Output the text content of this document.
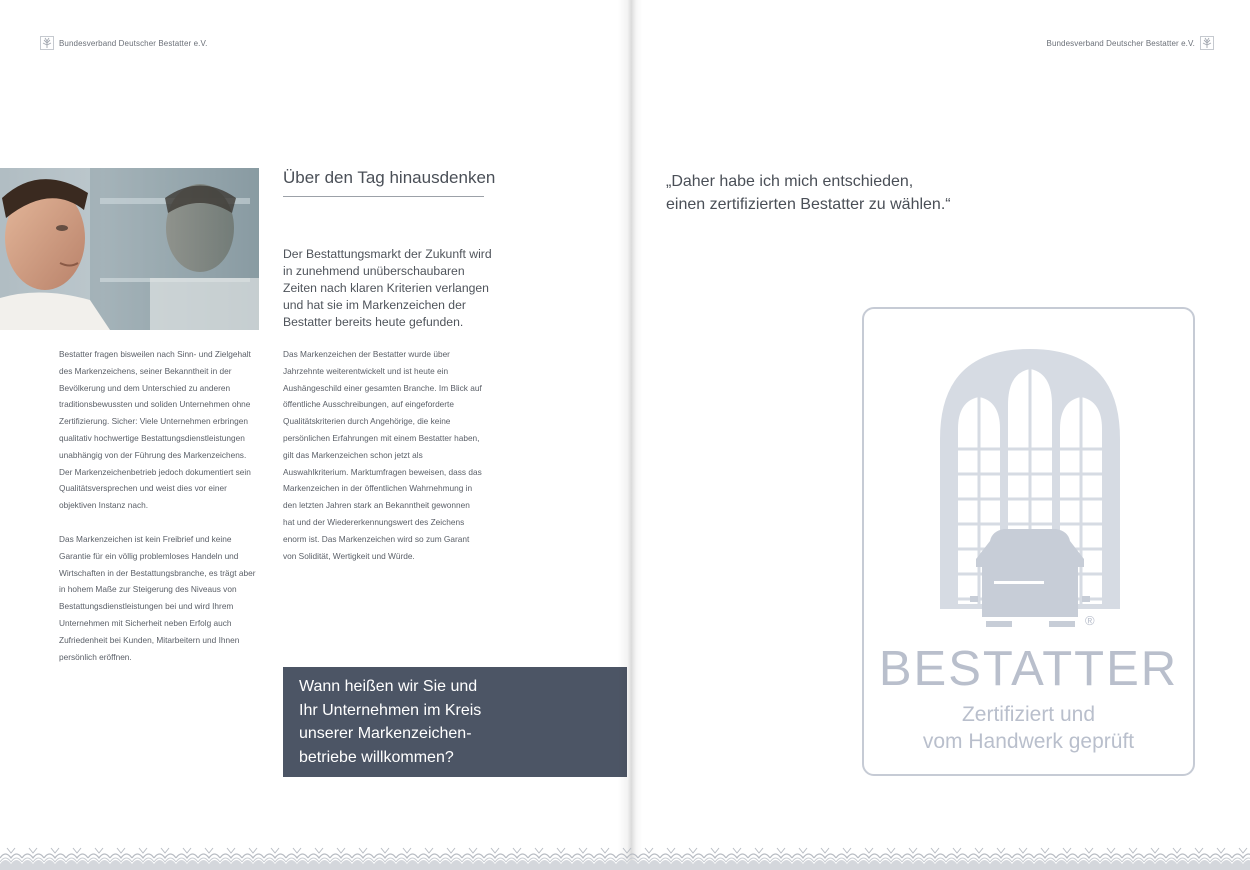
Bundesverband Deutscher Bestatter e.V.
Über den Tag hinausdenken
Der Bestattungsmarkt der Zukunft wird in zunehmend unüberschaubaren Zeiten nach klaren Kriterien verlangen und hat sie im Markenzeichen der Bestatter bereits heute gefunden.

Bestatter fragen bisweilen nach Sinn- und Zielgehalt des Markenzeichens, seiner Bekanntheit in der Bevölkerung und dem Unterschied zu anderen traditionsbewussten und soliden Unternehmen ohne Zertifizierung. Sicher: Viele Unternehmen erbringen qualitativ hochwertige Bestattungsdienstleistungen unabhängig von der Führung des Markenzeichens. Der Markenzeichenbetrieb jedoch dokumentiert sein Qualitätsversprechen und weist dies vor einer objektiven Instanz nach.

Das Markenzeichen ist kein Freibrief und keine Garantie für ein völlig problemloses Handeln und Wirtschaften in der Bestattungsbranche, es trägt aber in hohem Maße zur Steigerung des Niveaus von Bestattungsdienstleistungen bei und wird Ihrem Unternehmen mit Sicherheit neben Erfolg auch Zufriedenheit bei Kunden, Mitarbeitern und Ihnen persönlich eröffnen.

Das Markenzeichen der Bestatter wurde über Jahrzehnte weiterentwickelt und ist heute ein Aushängeschild einer gesamten Branche. Im Blick auf öffentliche Ausschreibungen, auf eingeforderte Qualitätskriterien durch Angehörige, die keine persönlichen Erfahrungen mit einem Bestatter haben, gilt das Markenzeichen schon jetzt als Auswahlkriterium. Marktumfragen beweisen, dass das Markenzeichen in der öffentlichen Wahrnehmung in den letzten Jahren stark an Bekanntheit gewonnen hat und der Wiedererkennungswert des Zeichens enorm ist. Das Markenzeichen wird so zum Garant von Solidität, Wertigkeit und Würde.

Wann heißen wir Sie und
Ihr Unternehmen im Kreis
unserer Markenzeichen-
betriebe willkommen?
Bundesverband Deutscher Bestatter e.V.
„Daher habe ich mich entschieden,
einen zertifizierten Bestatter zu wählen.“
®
BESTATTER
Zertifiziert und
vom Handwerk geprüft
